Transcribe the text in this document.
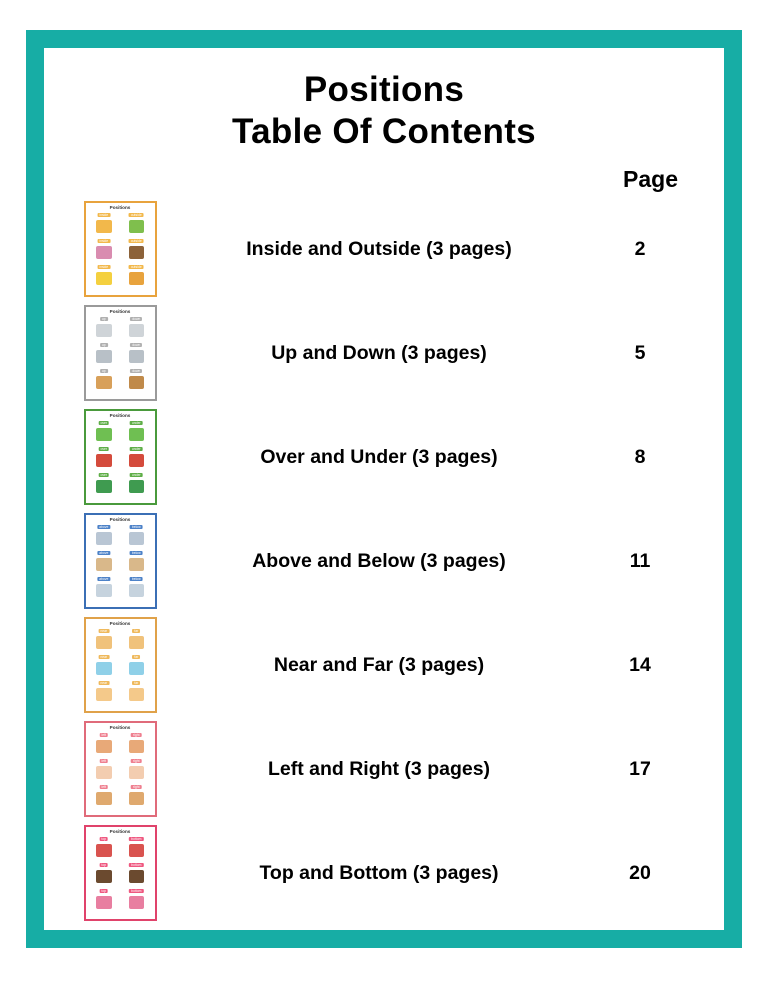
Positions
Table Of Contents
Page
Positions
inside	outside
inside	outside
inside	outside
Inside and Outside (3 pages)	2
Positions
up	down
up	down
up	down
Up and Down (3 pages)	5
Positions
over	under
over	under
over	under
Over and Under (3 pages)	8
Positions
above	below
above	below
above	below
Above and Below (3 pages)	11
Positions
near	far
near	far
near	far
Near and Far (3 pages)	14
Positions
left	right
left	right
left	right
Left and Right (3 pages)	17
Positions
top	bottom
top	bottom
top	bottom
Top and Bottom (3 pages)	20
